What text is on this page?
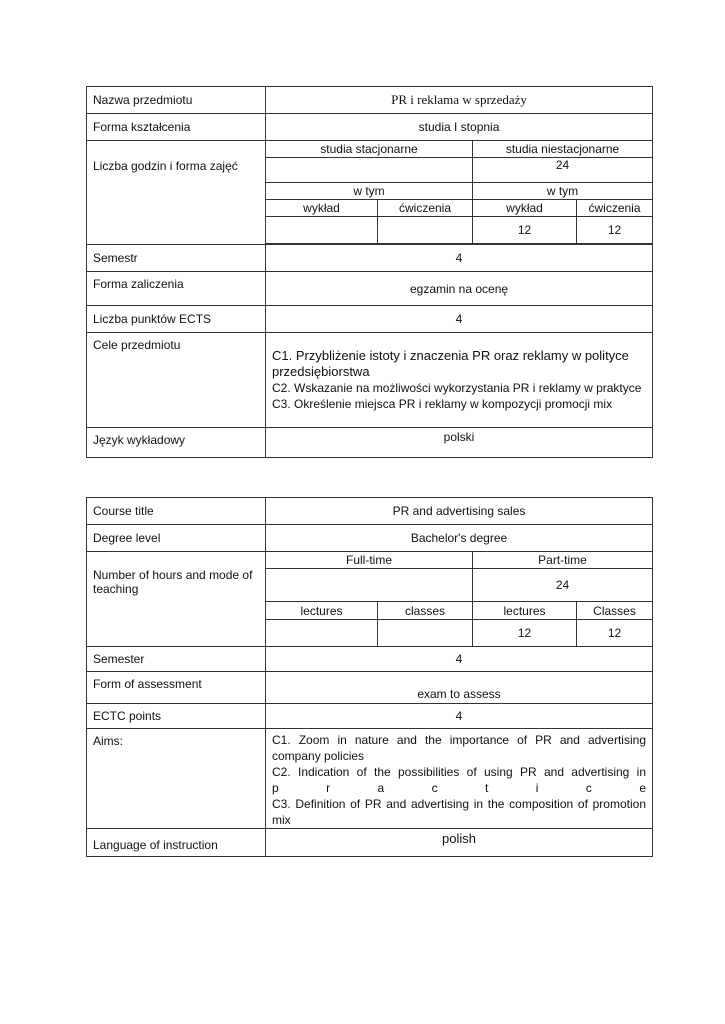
Nazwa przedmiotu	PR i reklama w sprzedaży			
Forma kształcenia	studia I stopnia			
Liczba godzin i forma zajęć	studia stacjonarne		studia niestacjonarne	
			24	
	w tym		w tym	
	wykład	ćwiczenia	wykład	ćwiczenia
			12	12

Semestr	4			
Forma zaliczenia	egzamin na ocenę			
Liczba punktów ECTS	4			
Cele przedmiotu	C1. Przybliżenie istoty i znaczenia PR oraz reklamy w polityce przedsiębiorstwa
C2. Wskazanie na możliwości wykorzystania PR i reklamy w praktyce
C3. Określenie miejsca PR i reklamy w kompozycji promocji mix			

Język wykładowy	polski			
Course title	PR and advertising sales			
Degree level	Bachelor's degree			
Number of hours and mode of teaching	Full-time		Part-time	
			24	
	lectures	classes	lectures	Classes
			12	12
Semester	4			
Form of assessment	exam to assess			
ECTC points	4			
Aims:	C1. Zoom in nature and the importance of PR and advertising company policies
C2. Indication of the possibilities of using PR and advertising in
p r a c t i c e
C3. Definition of PR and advertising in the composition of promotion mix			

Language of instruction	polish			
